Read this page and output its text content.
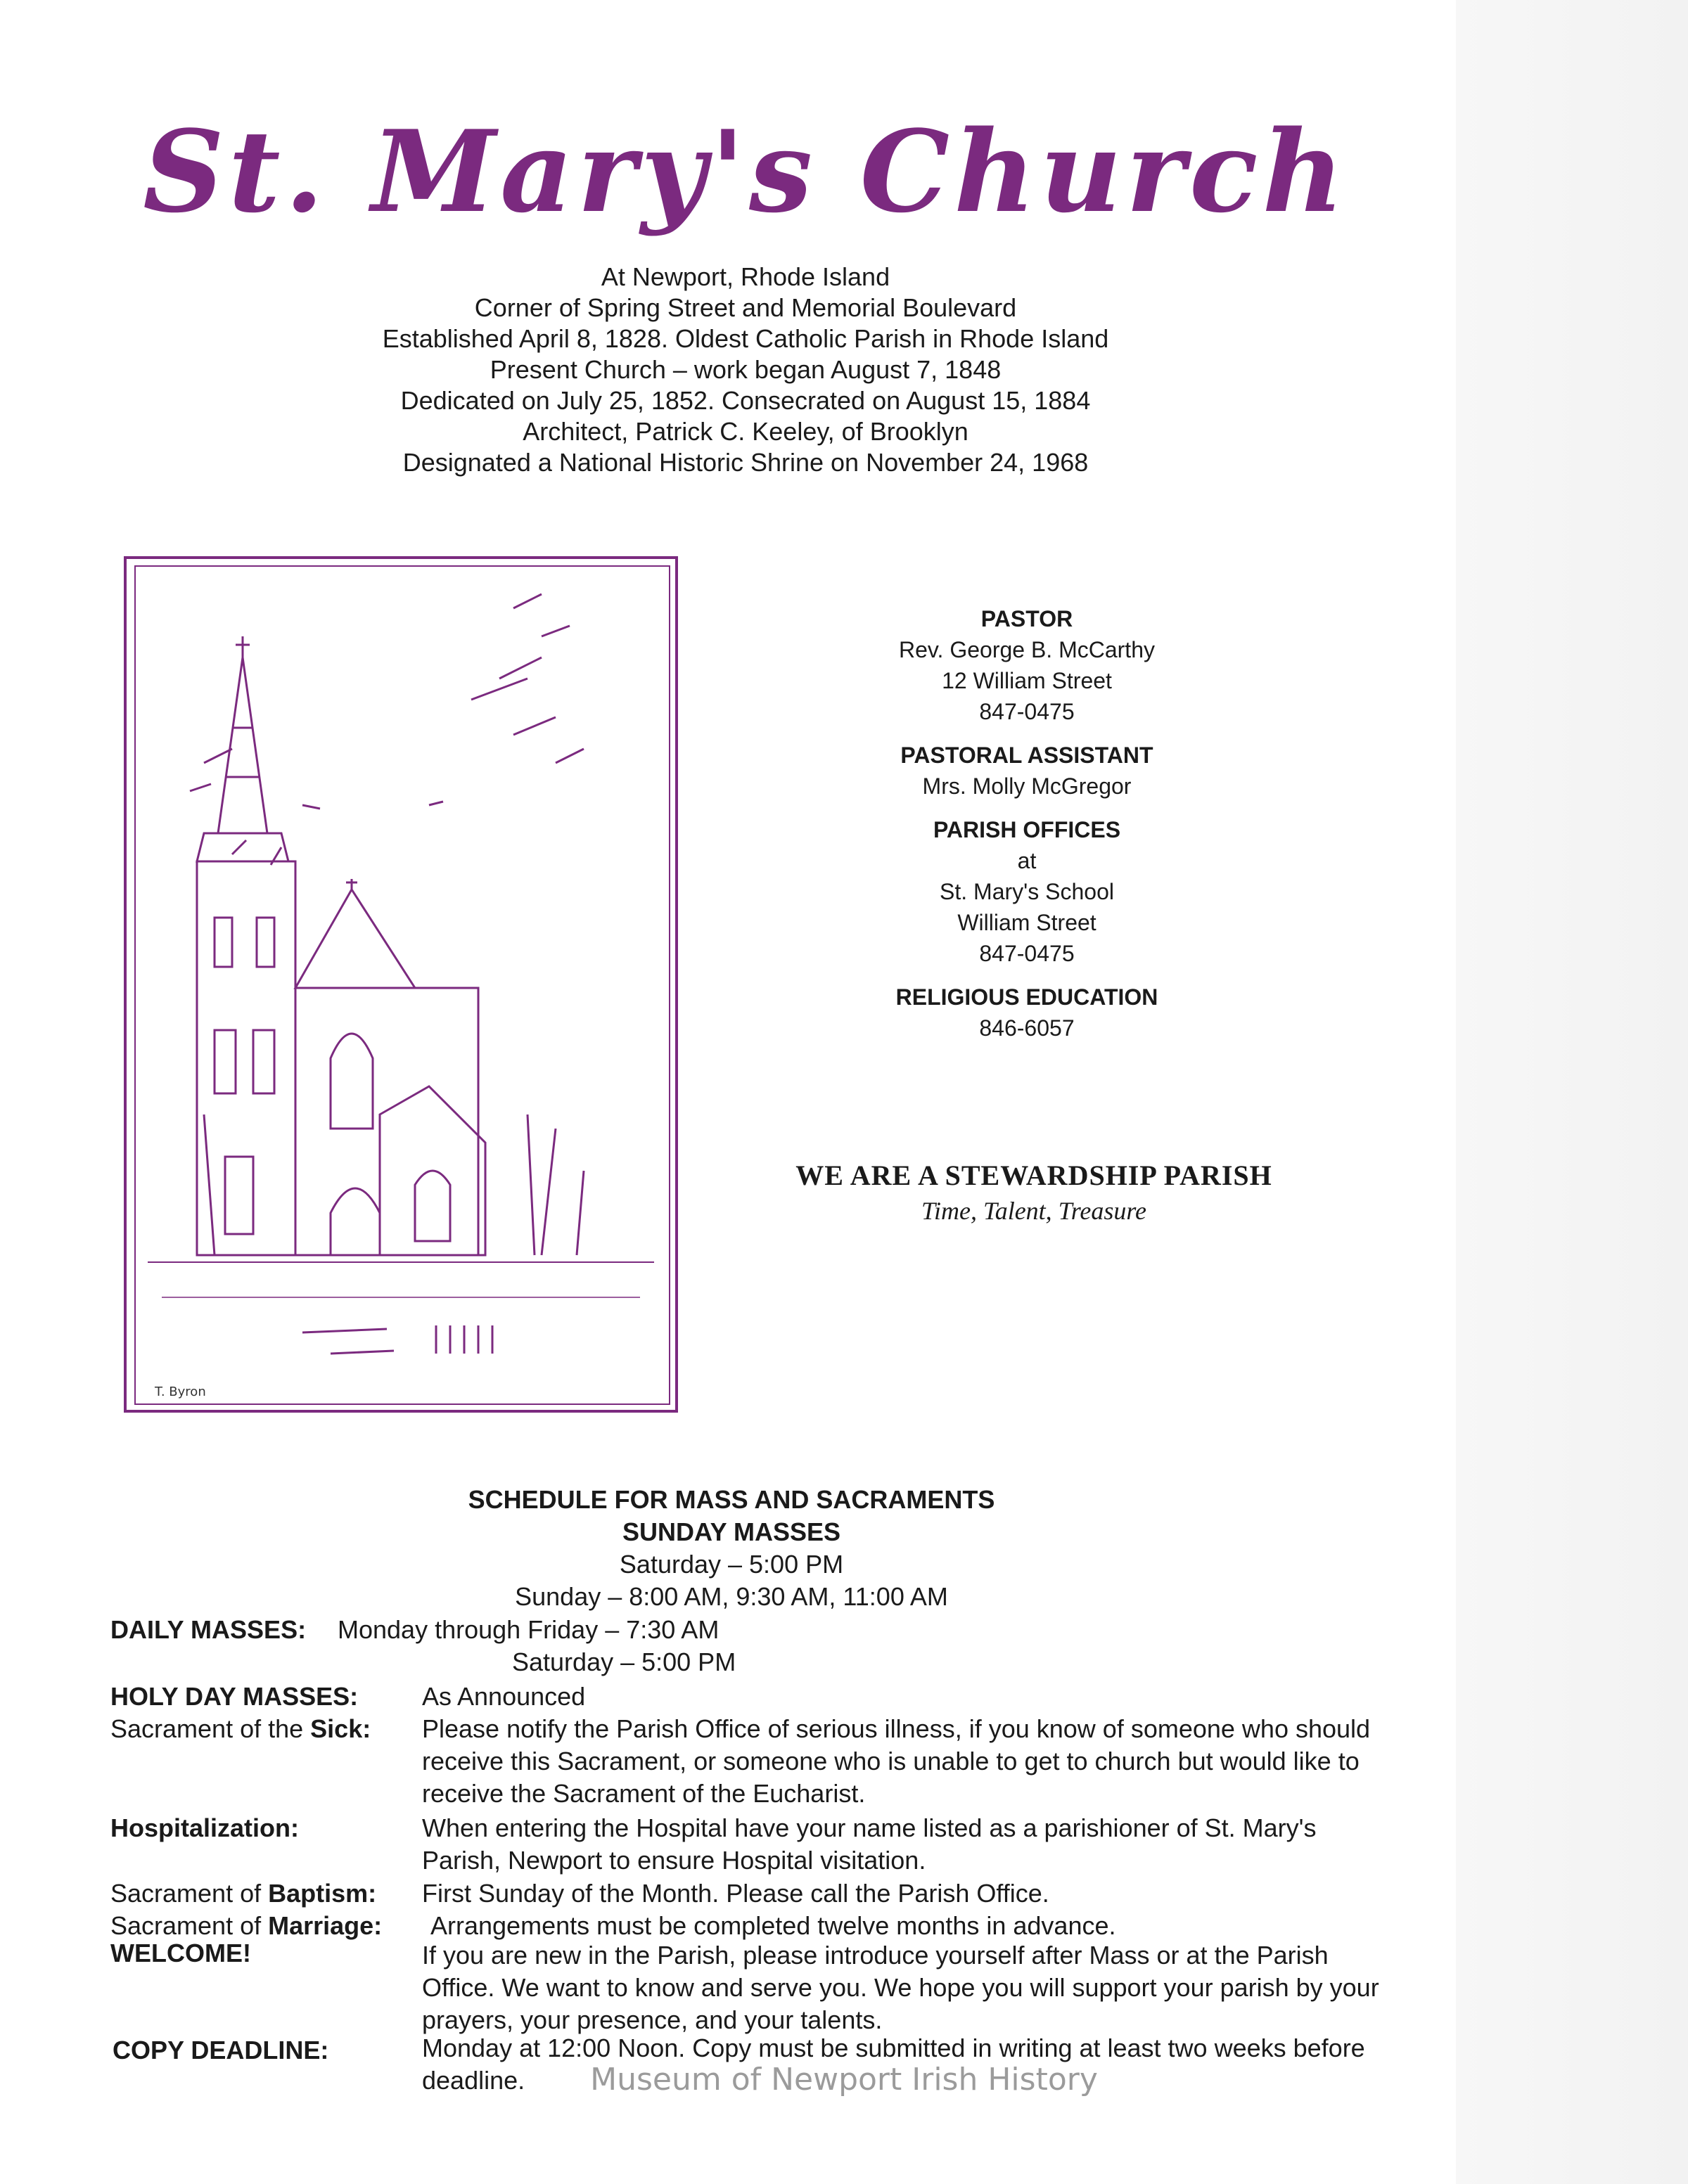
St. Mary's Church
At Newport, Rhode Island
Corner of Spring Street and Memorial Boulevard
Established April 8, 1828. Oldest Catholic Parish in Rhode Island
Present Church – work began August 7, 1848
Dedicated on July 25, 1852. Consecrated on August 15, 1884
Architect, Patrick C. Keeley, of Brooklyn
Designated a National Historic Shrine on November 24, 1968
T. Byron
PASTOR
Rev. George B. McCarthy
12 William Street
847-0475
PASTORAL ASSISTANT
Mrs. Molly McGregor
PARISH OFFICES
at
St. Mary's School
William Street
847-0475
RELIGIOUS EDUCATION
846-6057
WE ARE A STEWARDSHIP PARISH
Time, Talent, Treasure
SCHEDULE FOR MASS AND SACRAMENTS
SUNDAY MASSES
Saturday – 5:00 PM
Sunday – 8:00 AM, 9:30 AM, 11:00 AM
DAILY MASSES: Monday through Friday – 7:30 AM
Saturday – 5:00 PM
HOLY DAY MASSES:	As Announced
Sacrament of the Sick: Please notify the Parish Office of serious illness, if you know of someone who should receive this Sacrament, or someone who is unable to get to church but would like to receive the Sacrament of the Eucharist.
Hospitalization:	When entering the Hospital have your name listed as a parishioner of St. Mary's Parish, Newport to ensure Hospital visitation.
Sacrament of Baptism: First Sunday of the Month. Please call the Parish Office.
Sacrament of Marriage: Arrangements must be completed twelve months in advance.
WELCOME!	If you are new in the Parish, please introduce yourself after Mass or at the Parish Office. We want to know and serve you. We hope you will support your parish by your prayers, your presence, and your talents.
COPY DEADLINE:	Monday at 12:00 Noon. Copy must be submitted in writing at least two weeks before deadline.	Museum of Newport Irish History
